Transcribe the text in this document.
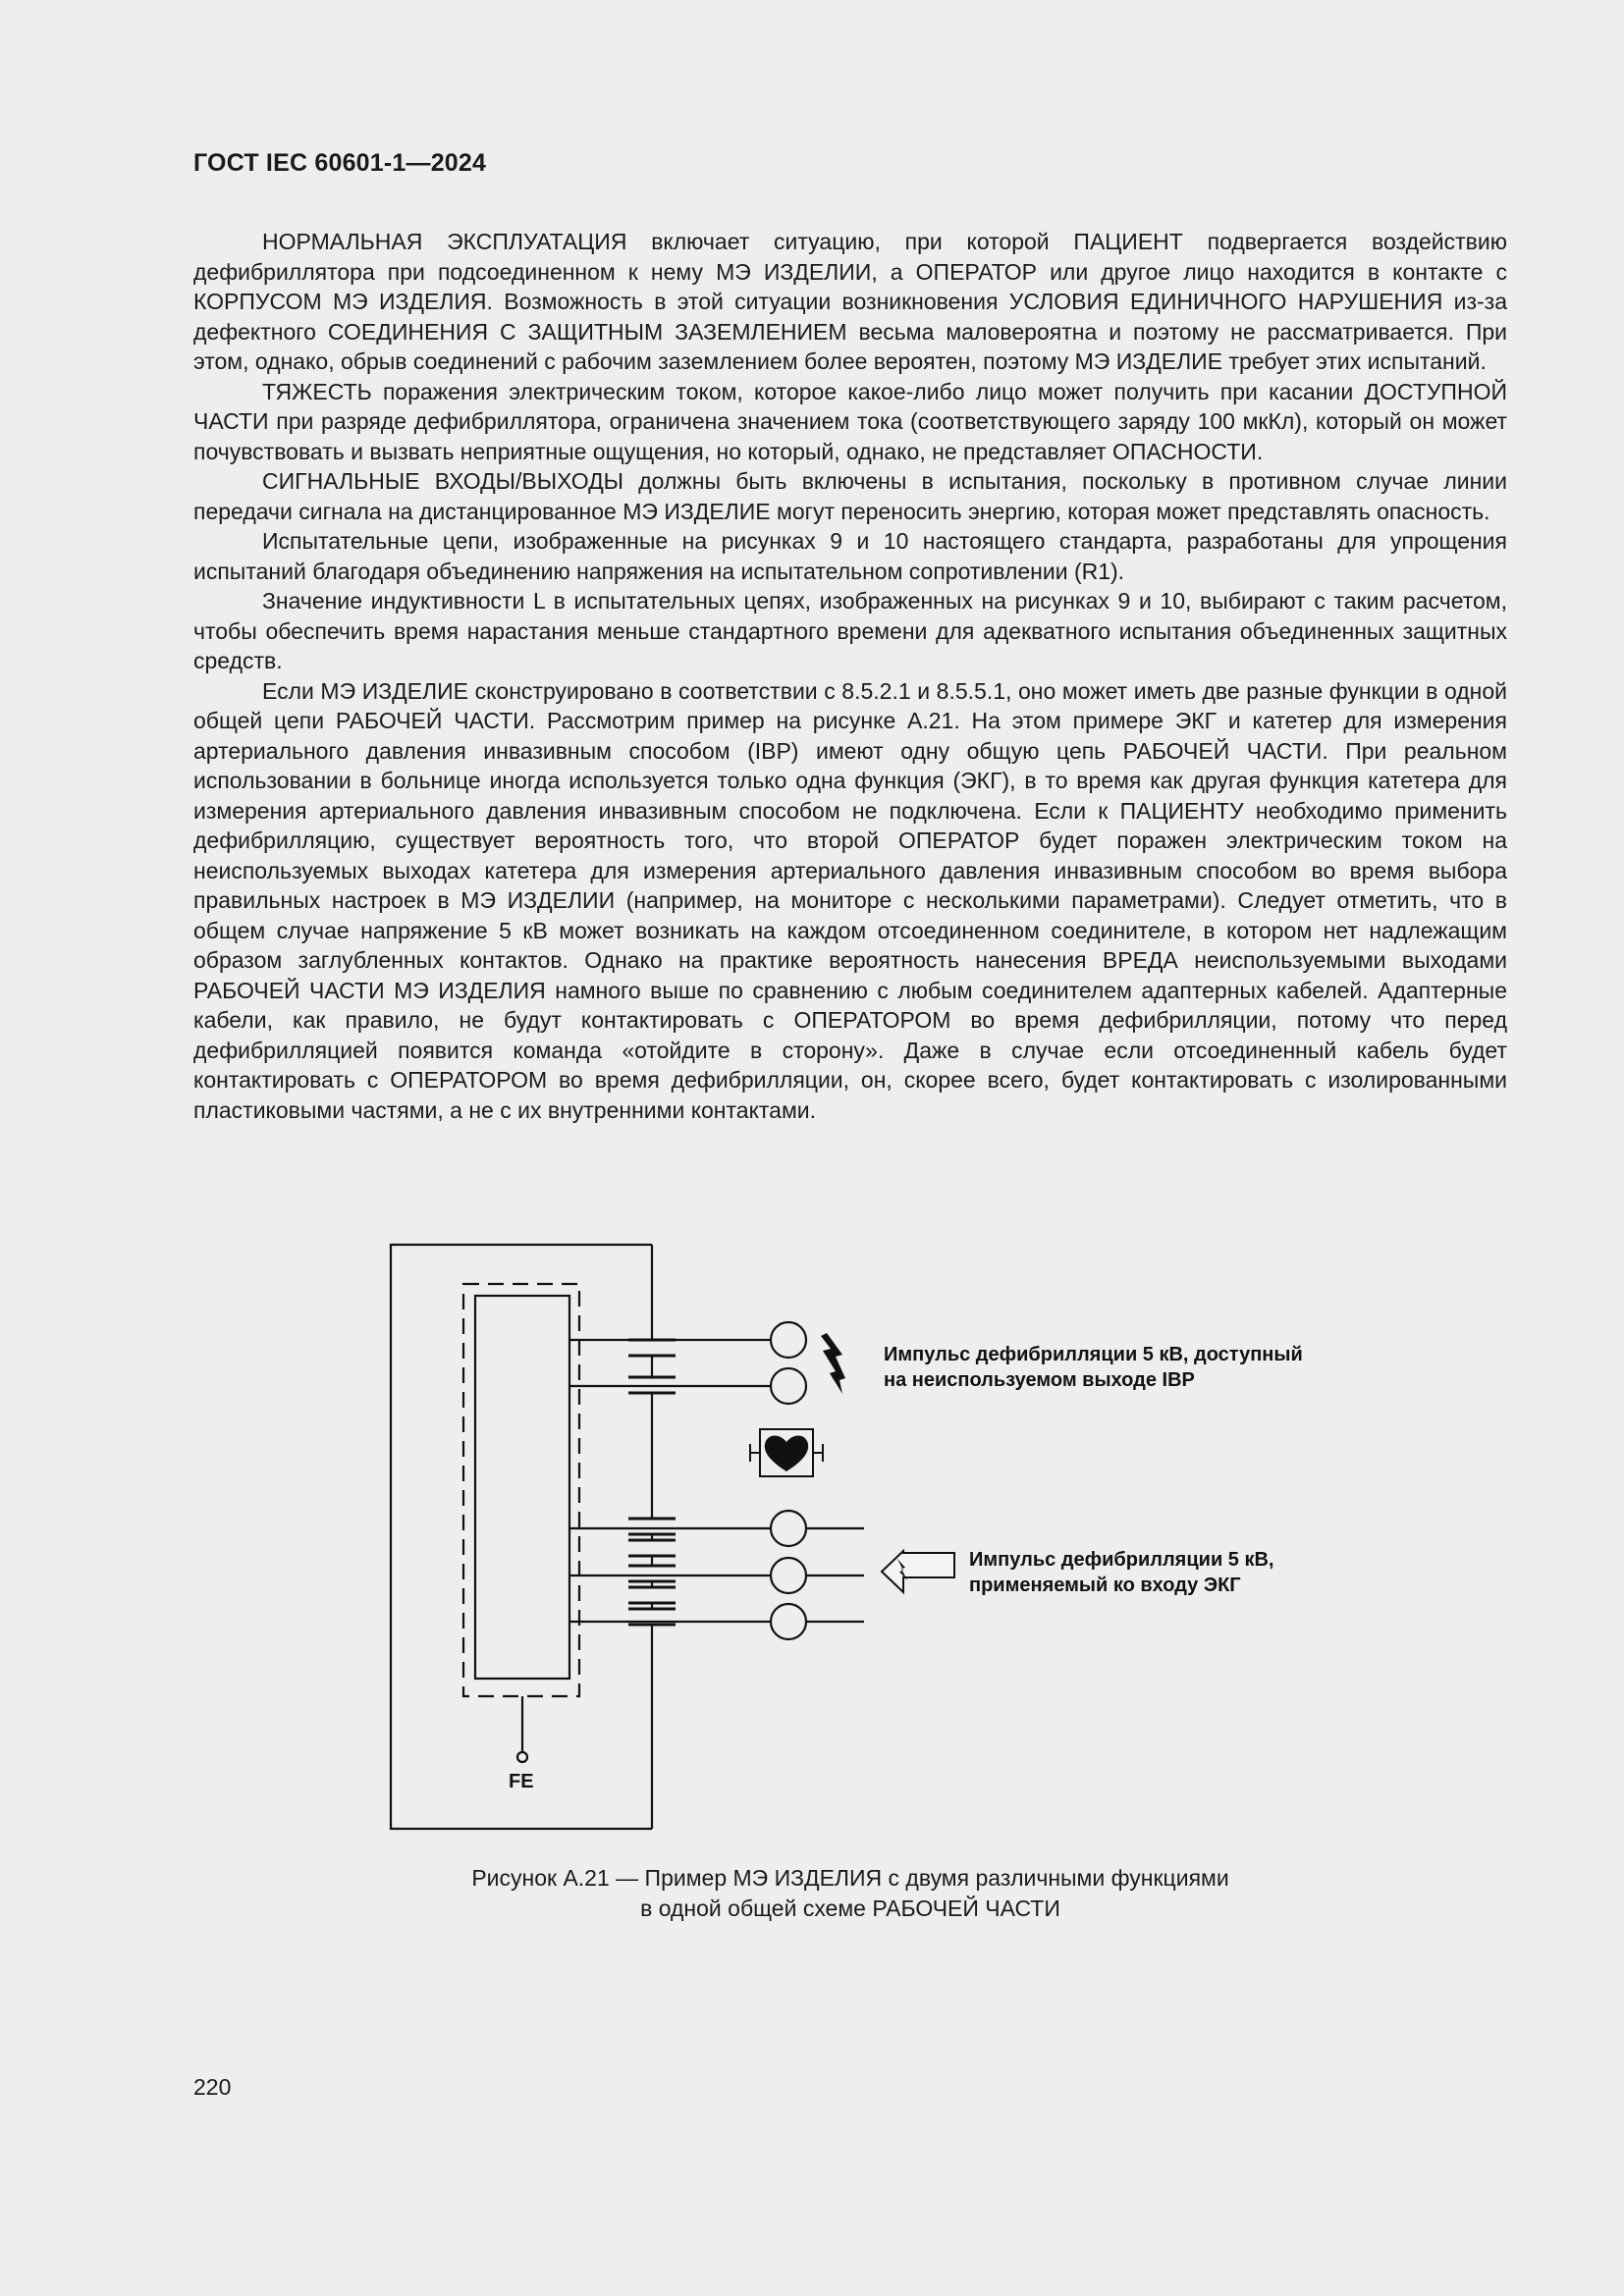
ГОСТ IEC 60601-1—2024

НОРМАЛЬНАЯ ЭКСПЛУАТАЦИЯ включает ситуацию, при которой ПАЦИЕНТ подвергается воздействию дефибриллятора при подсоединенном к нему МЭ ИЗДЕЛИИ, а ОПЕРАТОР или другое лицо находится в контакте с КОРПУСОМ МЭ ИЗДЕЛИЯ. Возможность в этой ситуации возникновения УСЛОВИЯ ЕДИНИЧНОГО НАРУШЕНИЯ из-за дефектного СОЕДИНЕНИЯ С ЗАЩИТНЫМ ЗАЗЕМЛЕНИЕМ весьма маловероятна и поэтому не рассматривается. При этом, однако, обрыв соединений с рабочим заземлением более вероятен, поэтому МЭ ИЗДЕЛИЕ требует этих испытаний.

ТЯЖЕСТЬ поражения электрическим током, которое какое-либо лицо может получить при касании ДОСТУПНОЙ ЧАСТИ при разряде дефибриллятора, ограничена значением тока (соответствующего заряду 100 мкКл), который он может почувствовать и вызвать неприятные ощущения, но который, однако, не представляет ОПАСНОСТИ.

СИГНАЛЬНЫЕ ВХОДЫ/ВЫХОДЫ должны быть включены в испытания, поскольку в противном случае линии передачи сигнала на дистанцированное МЭ ИЗДЕЛИЕ могут переносить энергию, которая может представлять опасность.

Испытательные цепи, изображенные на рисунках 9 и 10 настоящего стандарта, разработаны для упрощения испытаний благодаря объединению напряжения на испытательном сопротивлении (R1).

Значение индуктивности L в испытательных цепях, изображенных на рисунках 9 и 10, выбирают с таким расчетом, чтобы обеспечить время нарастания меньше стандартного времени для адекватного испытания объединенных защитных средств.

Если МЭ ИЗДЕЛИЕ сконструировано в соответствии с 8.5.2.1 и 8.5.5.1, оно может иметь две разные функции в одной общей цепи РАБОЧЕЙ ЧАСТИ. Рассмотрим пример на рисунке А.21. На этом примере ЭКГ и катетер для измерения артериального давления инвазивным способом (IBP) имеют одну общую цепь РАБОЧЕЙ ЧАСТИ. При реальном использовании в больнице иногда используется только одна функция (ЭКГ), в то время как другая функция катетера для измерения артериального давления инвазивным способом не подключена. Если к ПАЦИЕНТУ необходимо применить дефибрилляцию, существует вероятность того, что второй ОПЕРАТОР будет поражен электрическим током на неиспользуемых выходах катетера для измерения артериального давления инвазивным способом во время выбора правильных настроек в МЭ ИЗДЕЛИИ (например, на мониторе с несколькими параметрами). Следует отметить, что в общем случае напряжение 5 кВ может возникать на каждом отсоединенном соединителе, в котором нет надлежащим образом заглубленных контактов. Однако на практике вероятность нанесения ВРЕДА неиспользуемыми выходами РАБОЧЕЙ ЧАСТИ МЭ ИЗДЕЛИЯ намного выше по сравнению с любым соединителем адаптерных кабелей. Адаптерные кабели, как правило, не будут контактировать с ОПЕРАТОРОМ во время дефибрилляции, потому что перед дефибрилляцией появится команда «отойдите в сторону». Даже в случае если отсоединенный кабель будет контактировать с ОПЕРАТОРОМ во время дефибрилляции, он, скорее всего, будет контактировать с изолированными пластиковыми частями, а не с их внутренними контактами.

Импульс дефибрилляции 5 кВ, доступный
на неиспользуемом выходе IBP
Импульс дефибрилляции 5 кВ,
применяемый ко входу ЭКГ
FE
Рисунок А.21 — Пример МЭ ИЗДЕЛИЯ с двумя различными функциями
в одной общей схеме РАБОЧЕЙ ЧАСТИ
220
